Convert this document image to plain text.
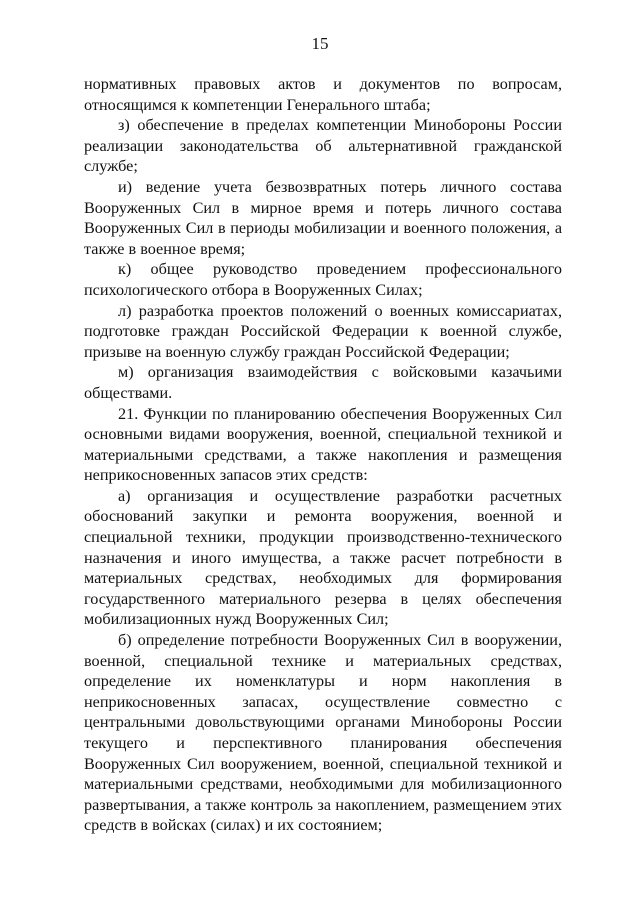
15

нормативных правовых актов и документов по вопросам, относящимся к компетенции Генерального штаба;

з) обеспечение в пределах компетенции Минобороны России реализации законодательства об альтернативной гражданской службе;

и) ведение учета безвозвратных потерь личного состава Вооруженных Сил в мирное время и потерь личного состава Вооруженных Сил в периоды мобилизации и военного положения, а также в военное время;

к) общее руководство проведением профессионального психологического отбора в Вооруженных Силах;

л) разработка проектов положений о военных комиссариатах, подготовке граждан Российской Федерации к военной службе, призыве на военную службу граждан Российской Федерации;

м) организация взаимодействия с войсковыми казачьими обществами.

21. Функции по планированию обеспечения Вооруженных Сил основными видами вооружения, военной, специальной техникой и материальными средствами, а также накопления и размещения неприкосновенных запасов этих средств:

а) организация и осуществление разработки расчетных обоснований закупки и ремонта вооружения, военной и специальной техники, продукции производственно-технического назначения и иного имущества, а также расчет потребности в материальных средствах, необходимых для формирования государственного материального резерва в целях обеспечения мобилизационных нужд Вооруженных Сил;

б) определение потребности Вооруженных Сил в вооружении, военной, специальной технике и материальных средствах, определение их номенклатуры и норм накопления в неприкосновенных запасах, осуществление совместно с центральными довольствующими органами Минобороны России текущего и перспективного планирования обеспечения Вооруженных Сил вооружением, военной, специальной техникой и материальными средствами, необходимыми для мобилизационного развертывания, а также контроль за накоплением, размещением этих средств в войсках (силах) и их состоянием;
